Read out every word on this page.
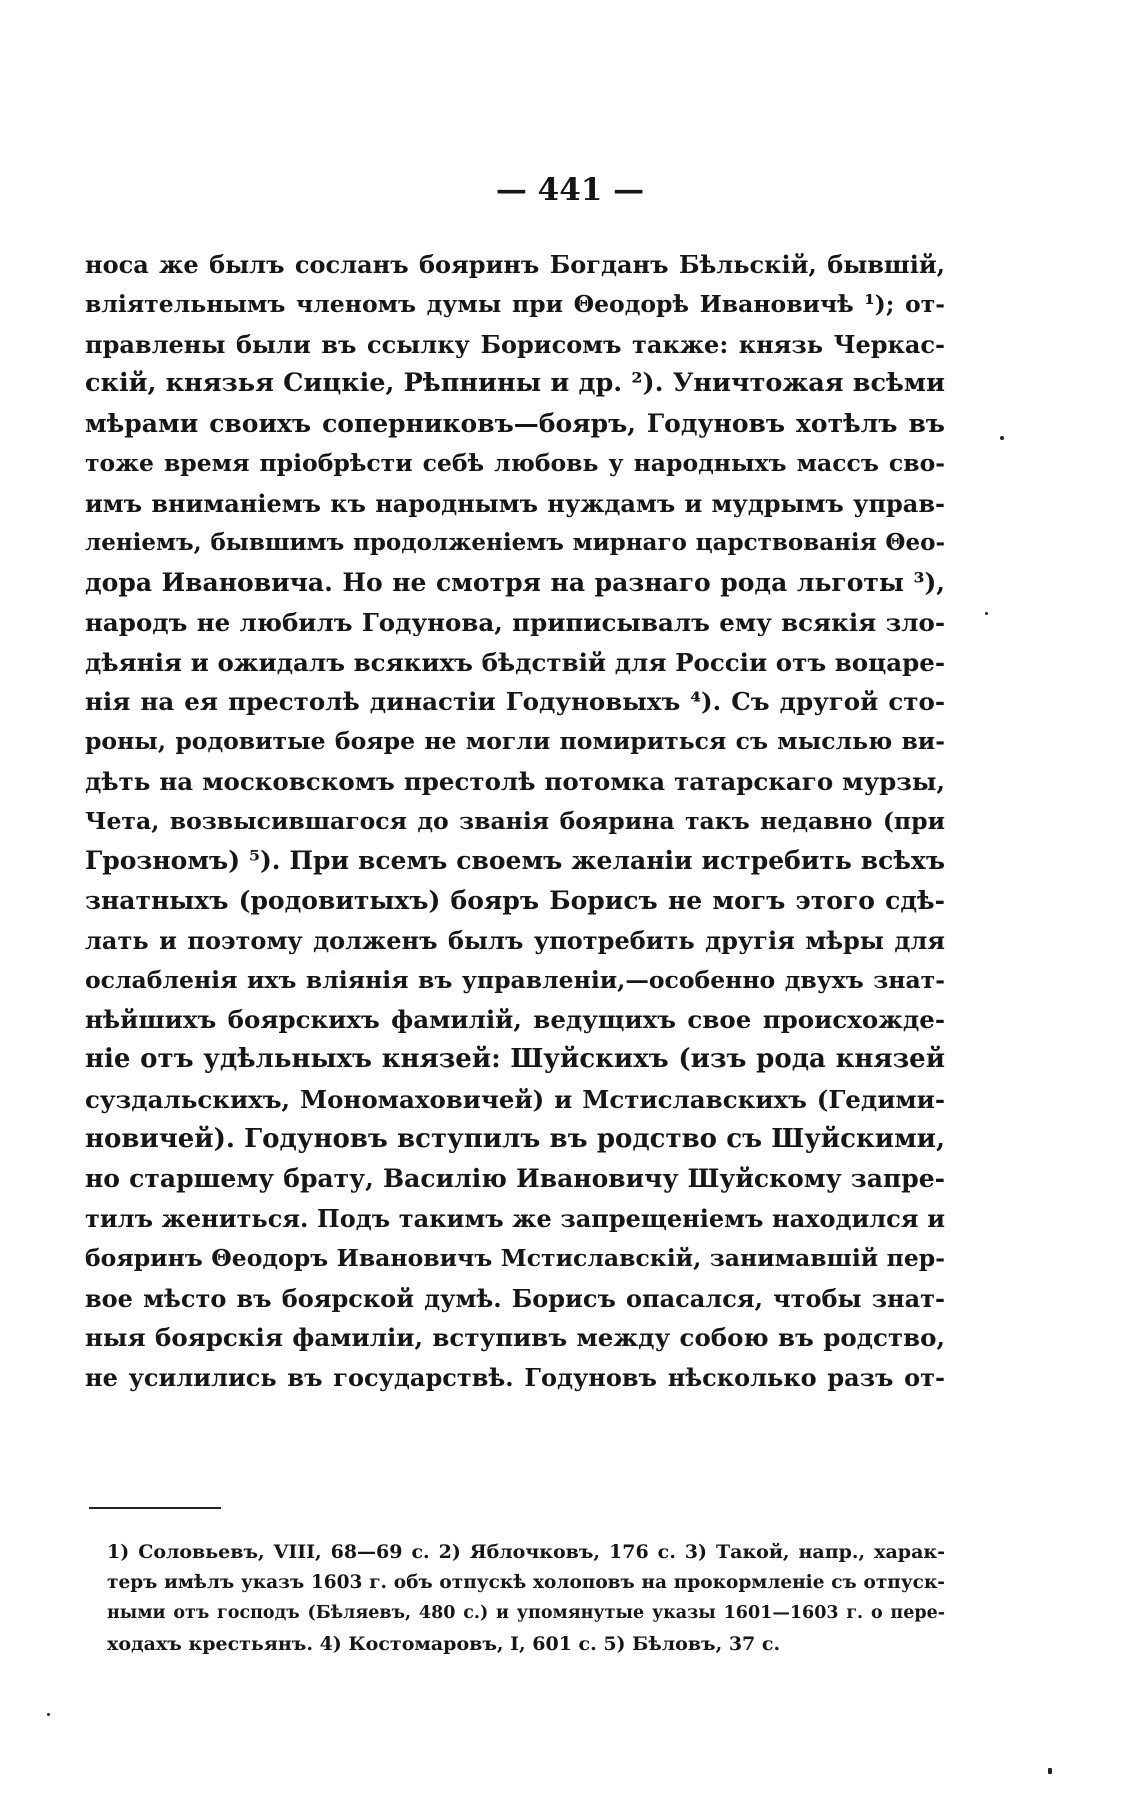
— 441 —
носа же былъ сосланъ бояринъ Богданъ Бѣльскій, бывшій,
вліятельнымъ членомъ думы при Θеодорѣ Ивановичѣ ¹); от-
правлены были въ ссылку Борисомъ также: князь Черкас-
скій, князья Сицкіе, Рѣпнины и др. ²). Уничтожая всѣми
мѣрами своихъ соперниковъ—бояръ, Годуновъ хотѣлъ въ
тоже время пріобрѣсти себѣ любовь у народныхъ массъ сво-
имъ вниманіемъ къ народнымъ нуждамъ и мудрымъ управ-
леніемъ, бывшимъ продолженіемъ мирнаго царствованія Θео-
дора Ивановича. Но не смотря на разнаго рода льготы ³),
народъ не любилъ Годунова, приписывалъ ему всякія зло-
дѣянія и ожидалъ всякихъ бѣдствій для Россіи отъ воцаре-
нія на ея престолѣ династіи Годуновыхъ ⁴). Съ другой сто-
роны, родовитые бояре не могли помириться съ мыслью ви-
дѣть на московскомъ престолѣ потомка татарскаго мурзы,
Чета, возвысившагося до званія боярина такъ недавно (при
Грозномъ) ⁵). При всемъ своемъ желаніи истребить всѣхъ
знатныхъ (родовитыхъ) бояръ Борисъ не могъ этого сдѣ-
лать и поэтому долженъ былъ употребить другія мѣры для
ослабленія ихъ вліянія въ управленіи,—особенно двухъ знат-
нѣйшихъ боярскихъ фамилій, ведущихъ свое происхожде-
ніе отъ удѣльныхъ князей: Шуйскихъ (изъ рода князей
суздальскихъ, Мономаховичей) и Мстиславскихъ (Гедими-
новичей). Годуновъ вступилъ въ родство съ Шуйскими,
но старшему брату, Василію Ивановичу Шуйскому запре-
тилъ жениться. Подъ такимъ же запрещеніемъ находился и
бояринъ Θеодоръ Ивановичъ Мстиславскій, занимавшій пер-
вое мѣсто въ боярской думѣ. Борисъ опасался, чтобы знат-
ныя боярскія фамиліи, вступивъ между собою въ родство,
не усилились въ государствѣ. Годуновъ нѣсколько разъ от-
1) Соловьевъ, VIII, 68—69 с. 2) Яблочковъ, 176 с. 3) Такой, напр., харак-
теръ имѣлъ указъ 1603 г. объ отпускѣ холоповъ на прокормленіе съ отпуск-
ными отъ господъ (Бѣляевъ, 480 с.) и упомянутые указы 1601—1603 г. о пере-
ходахъ крестьянъ. 4) Костомаровъ, I, 601 с. 5) Бѣловъ, 37 с.
